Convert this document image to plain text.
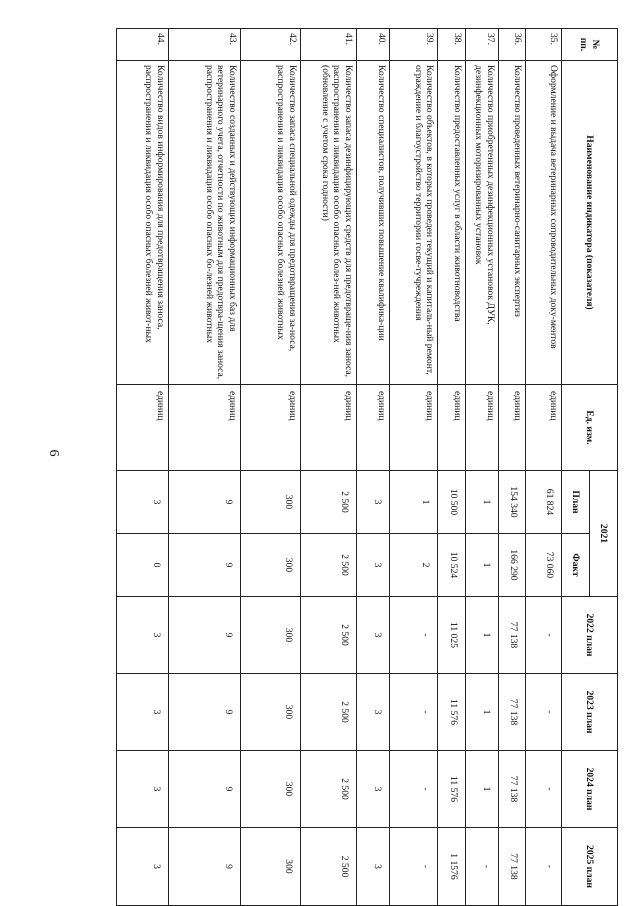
6
№ пп.	Наименование индикатора (показателя)	Ед. изм.	2021		2022 план	2023 план	2024 план	2025 план
			План	Факт				
35.	Оформление и выдача ветеринарных сопроводительных доку-ментов	единиц	61 824	73 060	-	-	-	-
36.	Количество проведенных ветеринарно-санитарных экспертиз	единиц	154 340	166 290	77 138	77 138	77 138	77 138
37.	Количество приобретенных дезинфекционных установок ДУК, дезинфекционных моторизированных установок	единиц	1	1	1	1	1	-
38.	Количество предоставленных услуг в области животноводства	единиц	10 500	10 524	11 025	11 576	11 576	1 1576
39.	Количество объектов, в которых проведен текущий и капиталь-ный ремонт, ограждение и благоустройство территории госве-тучреждения	единиц	1	2	-	-	-	-
40.	Количество специалистов, получивших повышение квалифика-ции	единиц	3	3	3	3	3	3
41.	Количество запаса дезинфицирующих средств для предотвраще-ния заноса, распространения и ликвидация особо опасных болез-ней животных (обновление с учетом срока годности)	единиц	2 500	2 500	2 500	2 500	2 500	2 500
42.	Количество запаса специальной одежды для предотвращения за-носа, распространения и ликвидация особо опасных болезней животных	единиц	300	300	300	300	300	300
43.	Количество созданных и действующих информационных баз для ветеринарного учета, отчетности по животным для предотвра-щения заноса, распространения и ликвидация особо опасных бо-лезней животных	единиц	9	9	9	9	9	9
44.	Количество видов информирования для предотвращения заноса, распространения и ликвидация особо опасных болезней живот-ных	единиц	3	0	3	3	3	3
